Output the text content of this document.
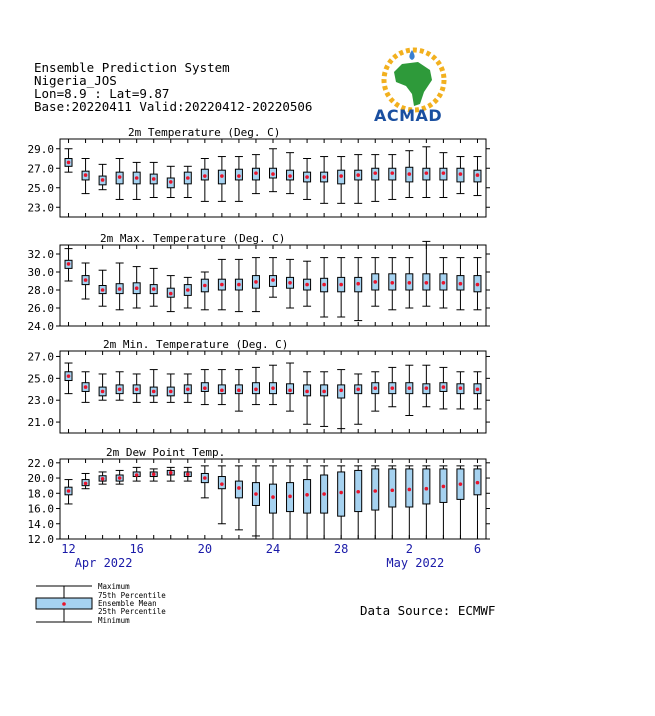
Ensemble Prediction System
Nigeria_JOS
Lon=8.9 : Lat=9.87
Base:20220411 Valid:20220412-20220506	ACMAD
2m Temperature (Deg. C)
29.0
27.0
25.0
23.0
2m Max. Temperature (Deg. C)
32.0
30.0
28.0
26.0
24.0
2m Min. Temperature (Deg. C)
27.0
25.0
23.0
21.0
2m Dew Point Temp.
22.0
20.0
18.0
16.0
14.0
12.0
12	16	20	24	28	2	6
Apr 2022	May 2022
Maximum
75th Percentile
Ensemble Mean
25th Percentile
Minimum
Data Source: ECMWF
